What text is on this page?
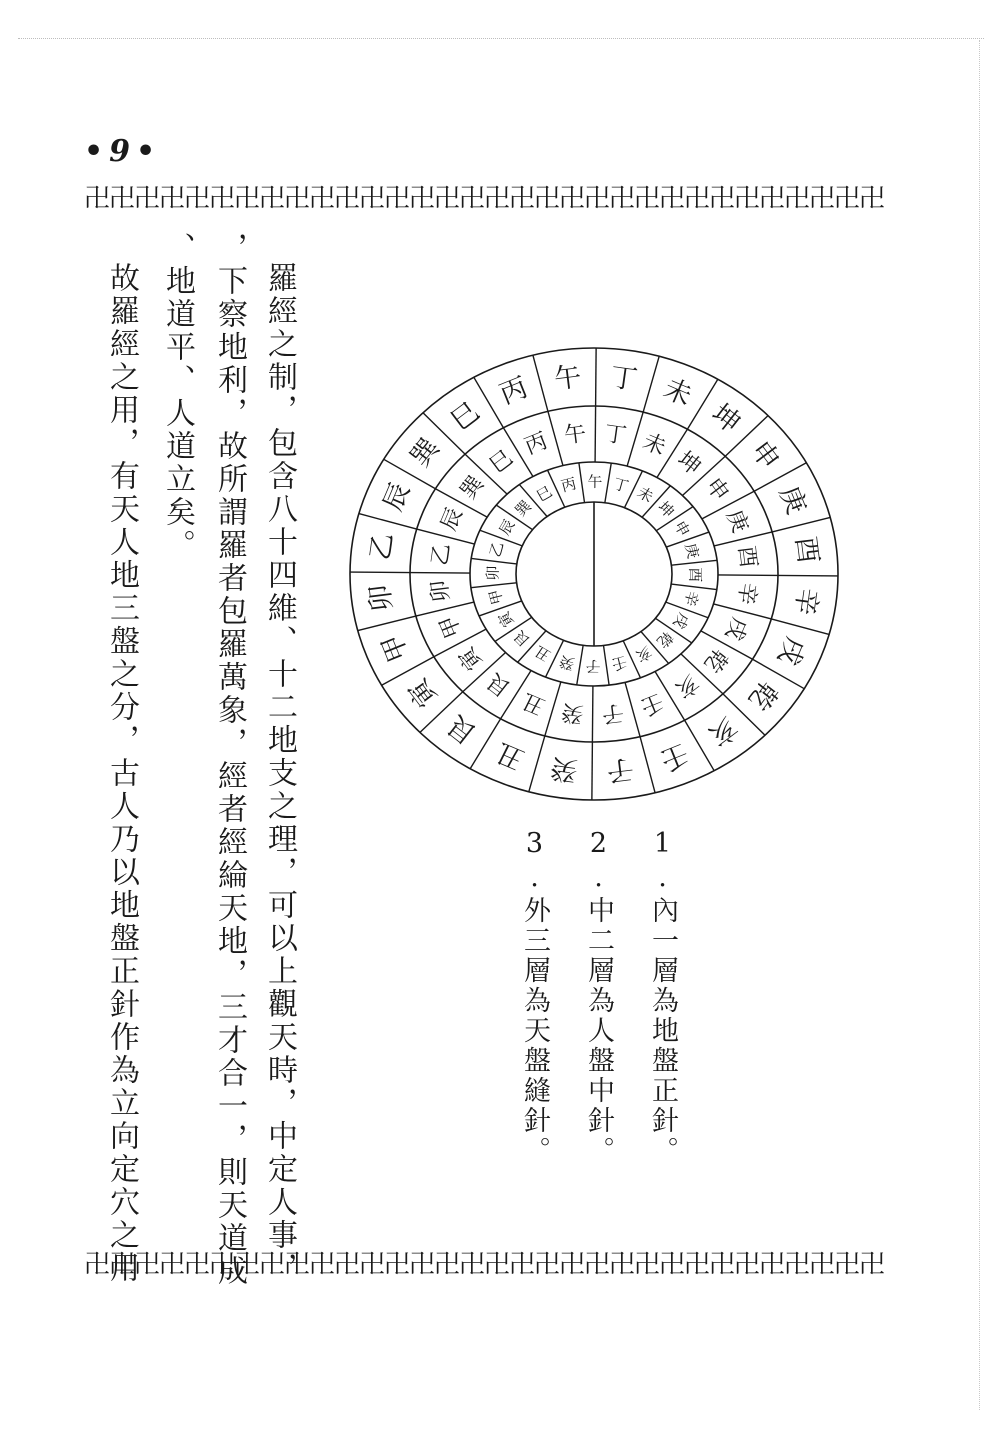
•9•
卍卍卍卍卍卍卍卍卍卍卍卍卍卍卍卍卍卍卍卍卍卍卍卍卍卍卍卍卍卍卍卍
羅經之制，包含八十四維、十二地支之理，可以上觀天時，中定人事，
，下察地利，故所謂羅者包羅萬象，經者經綸天地，三才合一，則天道成
、地道平、人道立矣。
故羅經之用，有天人地三盤之分，古人乃以地盤正針作為立向定穴之用	午 丁 未
坤
申
庚
酉
辛
戌
乾
亥
壬
子
癸
丑
艮
寅
甲
卯
乙
辰
巽
巳 丙
丁 未
坤
申
庚
酉
辛
戌
乾
亥
壬
子
癸
丑
艮
寅
甲
卯
乙
辰
巽
巳
丙 午
丁 未
坤
申
庚
酉
辛
戌
乾
亥
壬
子
癸
丑
艮
寅
甲
卯
乙
辰
巽
巳
丙 午
1.內一層為地盤正針。
2.中二層為人盤中針。
3.外三層為天盤縫針。
卍卍卍卍卍卍卍卍卍卍卍卍卍卍卍卍卍卍卍卍卍卍卍卍卍卍卍卍卍卍卍卍
